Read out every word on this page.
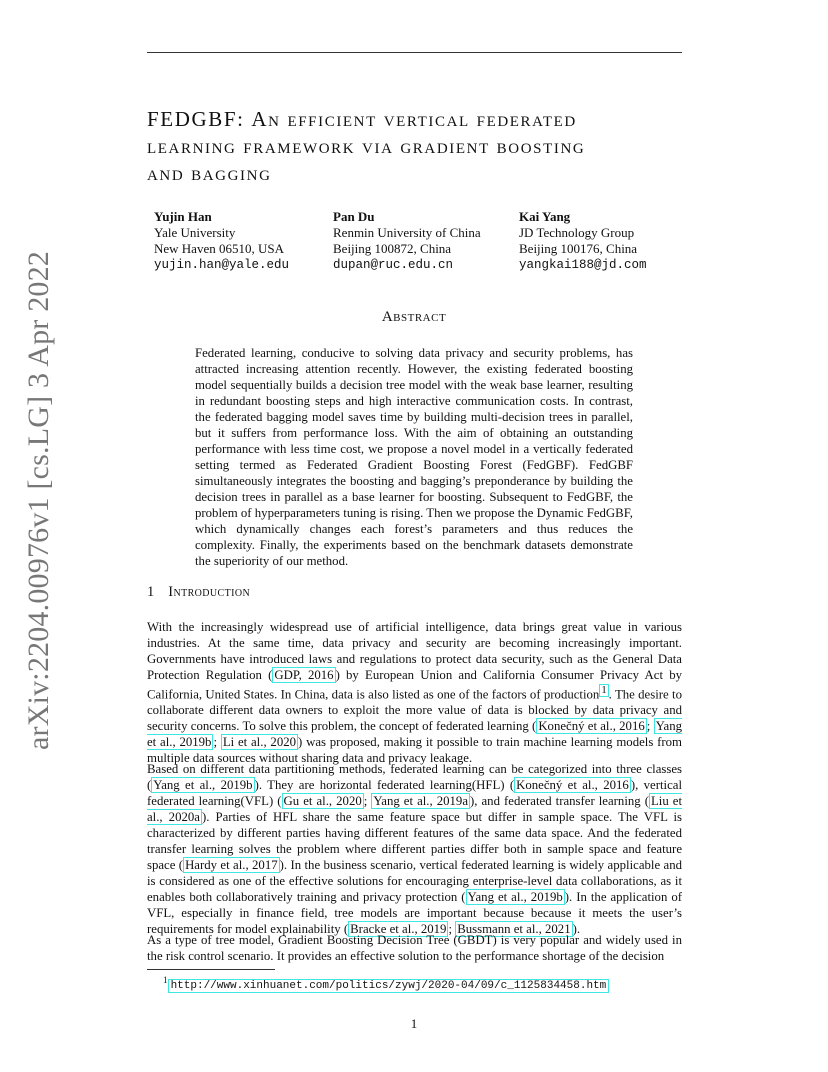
arXiv:2204.00976v1 [cs.LG] 3 Apr 2022
FEDGBF: An efficient vertical federated
learning framework via gradient boosting
and bagging
Yujin Han
Yale University
New Haven 06510, USA
yujin.han@yale.edu
Pan Du
Renmin University of China
Beijing 100872, China
dupan@ruc.edu.cn
Kai Yang
JD Technology Group
Beijing 100176, China
yangkai188@jd.com
Abstract
Federated learning, conducive to solving data privacy and security problems, has attracted increasing attention recently. However, the existing federated boosting model sequentially builds a decision tree model with the weak base learner, resulting in redundant boosting steps and high interactive communication costs. In contrast, the federated bagging model saves time by building multi-decision trees in parallel, but it suffers from performance loss. With the aim of obtaining an outstanding performance with less time cost, we propose a novel model in a vertically federated setting termed as Federated Gradient Boosting Forest (FedGBF). FedGBF simultaneously integrates the boosting and bagging’s preponderance by building the decision trees in parallel as a base learner for boosting. Subsequent to FedGBF, the problem of hyperparameters tuning is rising. Then we propose the Dynamic FedGBF, which dynamically changes each forest’s parameters and thus reduces the complexity. Finally, the experiments based on the benchmark datasets demonstrate the superiority of our method.
1 Introduction
With the increasingly widespread use of artificial intelligence, data brings great value in various industries. At the same time, data privacy and security are becoming increasingly important. Governments have introduced laws and regulations to protect data security, such as the General Data Protection Regulation ( GDP, 2016 ) by European Union and California Consumer Privacy Act by California, United States. In China, data is also listed as one of the factors of production $^1$ . The desire to collaborate different data owners to exploit the more value of data is blocked by data privacy and security concerns. To solve this problem, the concept of federated learning ( Konečný et al., 2016 ; Yang et al., 2019b ; Li et al., 2020 ) was proposed, making it possible to train machine learning models from multiple data sources without sharing data and privacy leakage.
Based on different data partitioning methods, federated learning can be categorized into three classes ( Yang et al., 2019b ). They are horizontal federated learning(HFL) ( Konečný et al., 2016 ), vertical federated learning(VFL) ( Gu et al., 2020 ; Yang et al., 2019a ), and federated transfer learning ( Liu et al., 2020a ). Parties of HFL share the same feature space but differ in sample space. The VFL is characterized by different parties having different features of the same data space. And the federated transfer learning solves the problem where different parties differ both in sample space and feature space ( Hardy et al., 2017 ). In the business scenario, vertical federated learning is widely applicable and is considered as one of the effective solutions for encouraging enterprise-level data collaborations, as it enables both collaboratively training and privacy protection ( Yang et al., 2019b ). In the application of VFL, especially in finance field, tree models are important because because it meets the user’s requirements for model explainability ( Bracke et al., 2019 ; Bussmann et al., 2021 ).
As a type of tree model, Gradient Boosting Decision Tree (GBDT) is very popular and widely used in the risk control scenario. It provides an effective solution to the performance shortage of the decision
$^1$ http://www.xinhuanet.com/politics/zywj/2020-04/09/c_1125834458.htm
1
